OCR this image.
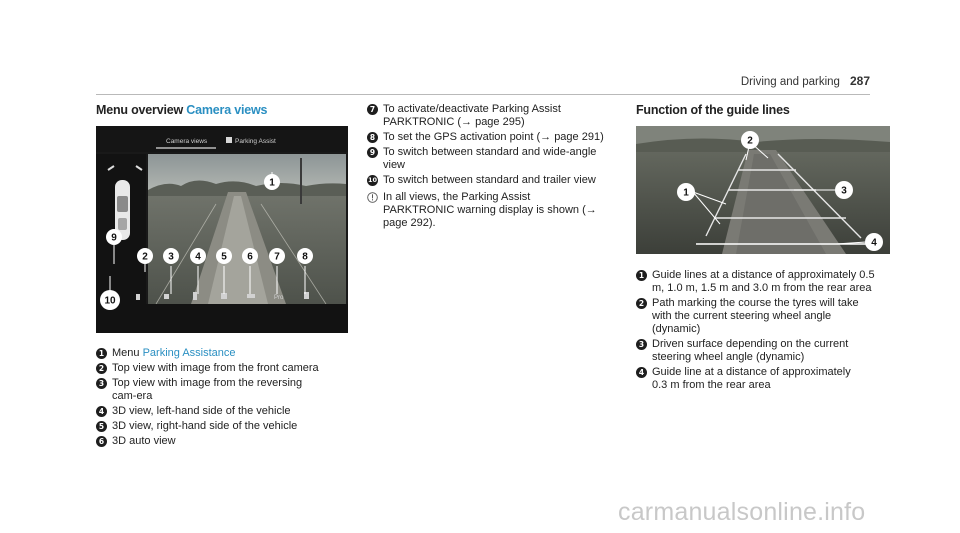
Driving and parking 287
Menu overview Camera views
Camera views	Parking Assist
Pro
1
2 3 4 5 6 7 8
9
10
1 Menu Parking Assistance
2 Top view with image from the front camera
3 Top view with image from the reversing cam-era
4 3D view, left-hand side of the vehicle
5 3D view, right-hand side of the vehicle
6 3D auto view
7 To activate/deactivate Parking Assist PARKTRONIC (→ page 295)
8 To set the GPS activation point (→ page 291)
9 To switch between standard and wide-angle view
10 To switch between standard and trailer view
In all views, the Parking Assist PARKTRONIC warning display is shown (→ page 292).
Function of the guide lines
1
2
3
4
1 Guide lines at a distance of approximately 0.5 m, 1.0 m, 1.5 m and 3.0 m from the rear area
2 Path marking the course the tyres will take with the current steering wheel angle (dynamic)
3 Driven surface depending on the current steering wheel angle (dynamic)
4 Guide line at a distance of approximately 0.3 m from the rear area
carmanualsonline.info
